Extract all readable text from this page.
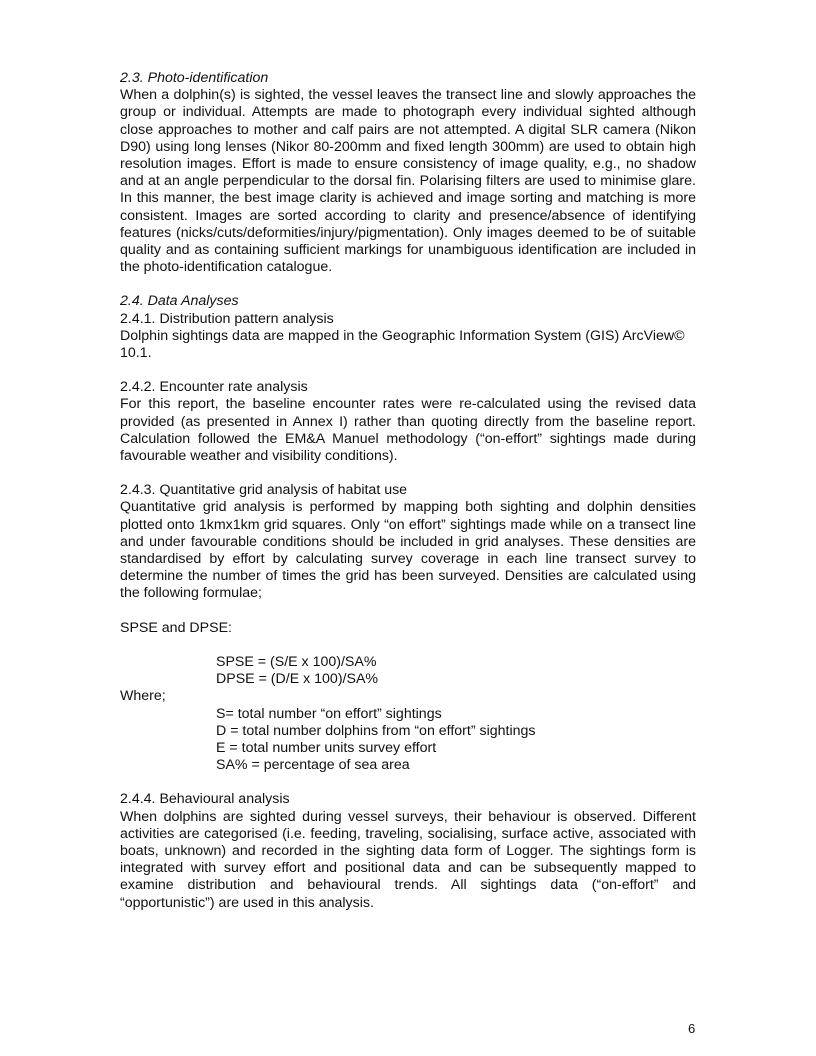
2.3. Photo-identification

When a dolphin(s) is sighted, the vessel leaves the transect line and slowly approaches the group or individual. Attempts are made to photograph every individual sighted although close approaches to mother and calf pairs are not attempted. A digital SLR camera (Nikon D90) using long lenses (Nikor 80-200mm and fixed length 300mm) are used to obtain high resolution images. Effort is made to ensure consistency of image quality, e.g., no shadow and at an angle perpendicular to the dorsal fin. Polarising filters are used to minimise glare. In this manner, the best image clarity is achieved and image sorting and matching is more consistent. Images are sorted according to clarity and presence/absence of identifying features (nicks/cuts/deformities/injury/pigmentation). Only images deemed to be of suitable quality and as containing sufficient markings for unambiguous identification are included in the photo-identification catalogue.

2.4. Data Analyses

2.4.1. Distribution pattern analysis

Dolphin sightings data are mapped in the Geographic Information System (GIS) ArcView© 10.1.

2.4.2. Encounter rate analysis

For this report, the baseline encounter rates were re-calculated using the revised data provided (as presented in Annex I) rather than quoting directly from the baseline report. Calculation followed the EM&A Manuel methodology (“on-effort” sightings made during favourable weather and visibility conditions).

2.4.3. Quantitative grid analysis of habitat use

Quantitative grid analysis is performed by mapping both sighting and dolphin densities plotted onto 1kmx1km grid squares. Only “on effort” sightings made while on a transect line and under favourable conditions should be included in grid analyses. These densities are standardised by effort by calculating survey coverage in each line transect survey to determine the number of times the grid has been surveyed. Densities are calculated using the following formulae;

SPSE and DPSE:

SPSE = (S/E x 100)/SA%

DPSE = (D/E x 100)/SA%

Where;

S= total number “on effort” sightings

D = total number dolphins from “on effort” sightings

E = total number units survey effort

SA% = percentage of sea area

2.4.4. Behavioural analysis

When dolphins are sighted during vessel surveys, their behaviour is observed. Different activities are categorised (i.e. feeding, traveling, socialising, surface active, associated with boats, unknown) and recorded in the sighting data form of Logger. The sightings form is integrated with survey effort and positional data and can be subsequently mapped to examine distribution and behavioural trends. All sightings data (“on-effort” and “opportunistic”) are used in this analysis.

6
